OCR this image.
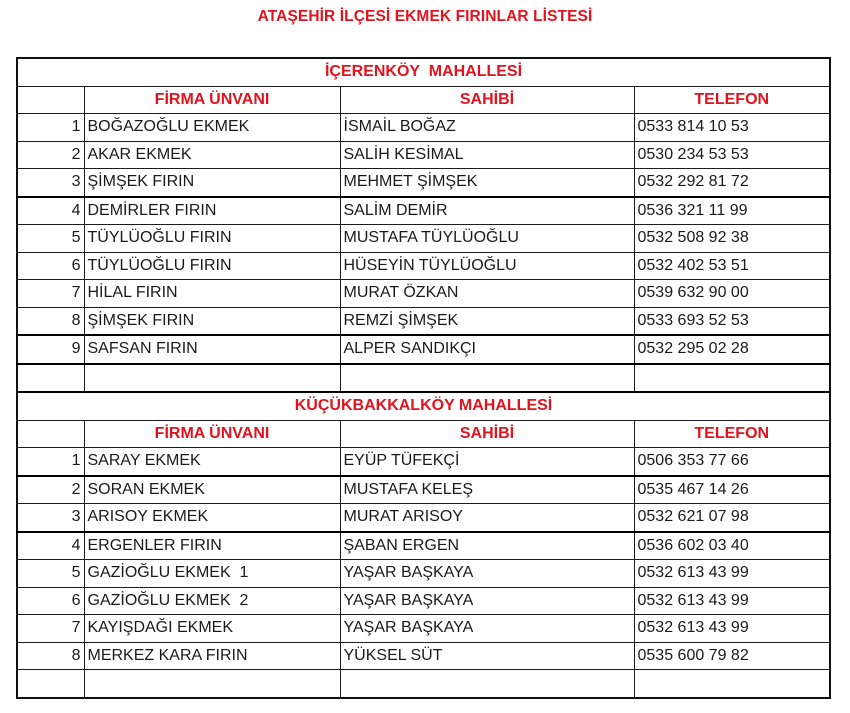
ATAŞEHİR İLÇESİ EKMEK FIRINLAR LİSTESİ
İÇERENKÖY  MAHALLESİ			
	FİRMA ÜNVANI	SAHİBİ	TELEFON
1	BOĞAZOĞLU EKMEK	İSMAİL BOĞAZ	0533 814 10 53
2	AKAR EKMEK	SALİH KESİMAL	0530 234 53 53
3	ŞİMŞEK FIRIN	MEHMET ŞİMŞEK	0532 292 81 72
4	DEMİRLER FIRIN	SALİM DEMİR	0536 321 11 99
5	TÜYLÜOĞLU FIRIN	MUSTAFA TÜYLÜOĞLU	0532 508 92 38
6	TÜYLÜOĞLU FIRIN	HÜSEYİN TÜYLÜOĞLU	0532 402 53 51
7	HİLAL FIRIN	MURAT ÖZKAN	0539 632 90 00
8	ŞİMŞEK FIRIN	REMZİ ŞİMŞEK	0533 693 52 53
9	SAFSAN FIRIN	ALPER SANDIKÇI	0532 295 02 28

KÜÇÜKBAKKALKÖY MAHALLESİ			
	FİRMA ÜNVANI	SAHİBİ	TELEFON
1	SARAY EKMEK	EYÜP TÜFEKÇİ	0506 353 77 66
2	SORAN EKMEK	MUSTAFA KELEŞ	0535 467 14 26
3	ARISOY EKMEK	MURAT ARISOY	0532 621 07 98
4	ERGENLER FIRIN	ŞABAN ERGEN	0536 602 03 40
5	GAZİOĞLU EKMEK  1	YAŞAR BAŞKAYA	0532 613 43 99
6	GAZİOĞLU EKMEK  2	YAŞAR BAŞKAYA	0532 613 43 99
7	KAYIŞDAĞI EKMEK	YAŞAR BAŞKAYA	0532 613 43 99
8	MERKEZ KARA FIRIN	YÜKSEL SÜT	0535 600 79 82
